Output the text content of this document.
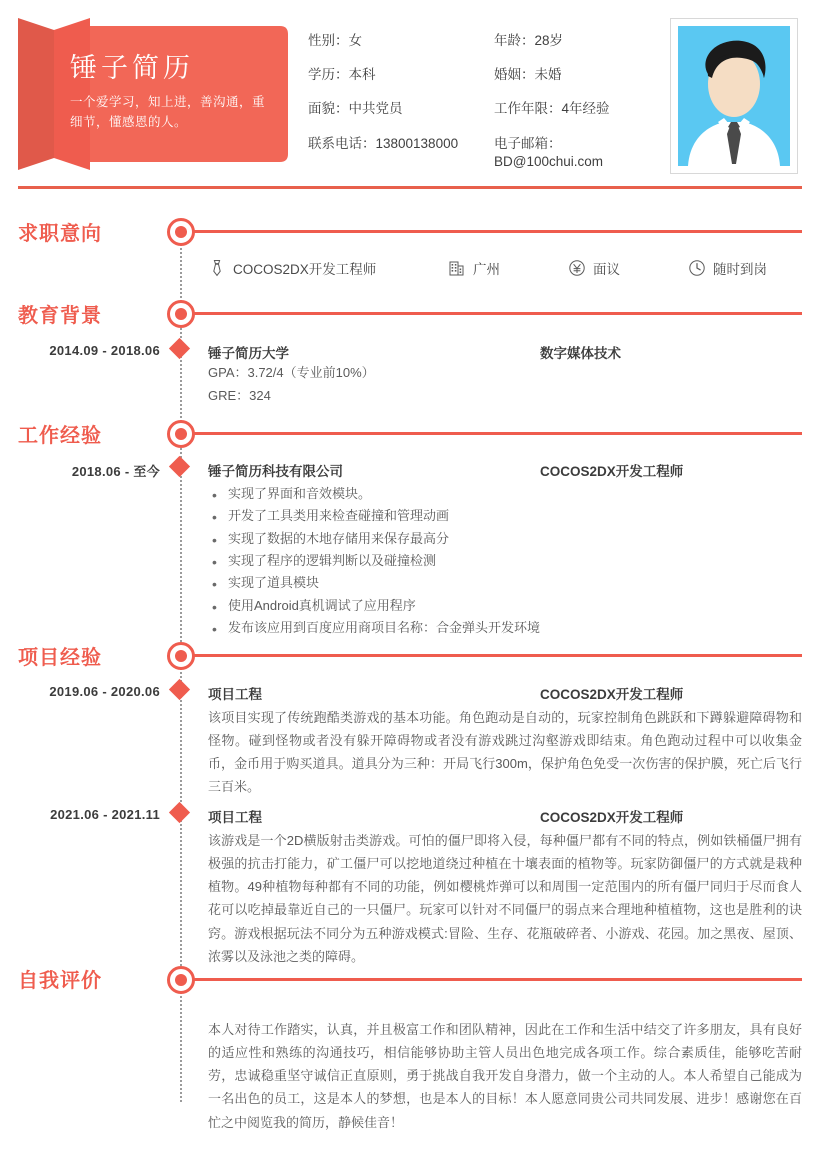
锤子简历
一个爱学习，知上进，善沟通，重细节，懂感恩的人。
性别：女	年龄：28岁
学历：本科	婚姻：未婚
面貌：中共党员	工作年限：4年经验
联系电话：13800138000	电子邮箱：BD@100chui.com
求职意向
COCOS2DX开发工程师	广州	面议	随时到岗
教育背景
2014.09 - 2018.06	锤子简历大学	数字媒体技术
GPA：3.72/4（专业前10%）
GRE：324
工作经验
2018.06 - 至今	锤子简历科技有限公司	COCOS2DX开发工程师
• 实现了界面和音效模块。
• 开发了工具类用来检查碰撞和管理动画
• 实现了数据的木地存储用来保存最高分
• 实现了程序的逻辑判断以及碰撞检测
• 实现了道具模块
• 使用Android真机调试了应用程序
• 发布该应用到百度应用商项目名称：合金弹头开发环境
项目经验
2019.06 - 2020.06	项目工程	COCOS2DX开发工程师
该项目实现了传统跑酷类游戏的基本功能。角色跑动是自动的，玩家控制角色跳跃和下蹲躲避障碍物和怪物。碰到怪物或者没有躲开障碍物或者没有游戏跳过沟壑游戏即结束。角色跑动过程中可以收集金币，金币用于购买道具。道具分为三种：开局飞行300m，保护角色免受一次伤害的保护膜，死亡后飞行三百米。
2021.06 - 2021.11	项目工程	COCOS2DX开发工程师
该游戏是一个2D横版射击类游戏。可怕的僵尸即将入侵，每种僵尸都有不同的特点，例如铁桶僵尸拥有极强的抗击打能力，矿工僵尸可以挖地道绕过种植在十壤表面的植物等。玩家防御僵尸的方式就是栽种植物。49种植物每种都有不同的功能，例如樱桃炸弹可以和周围一定范围内的所有僵尸同归于尽而食人花可以吃掉最靠近自己的一只僵尸。玩家可以针对不同僵尸的弱点来合理地种植植物，这也是胜利的诀窍。游戏根据玩法不同分为五种游戏模式:冒险、生存、花瓶破碎者、小游戏、花园。加之黑夜、屋顶、浓雾以及泳池之类的障碍。
自我评价
本人对待工作踏实，认真，并且极富工作和团队精神，因此在工作和生活中结交了许多朋友，具有良好的适应性和熟练的沟通技巧，相信能够协助主管人员出色地完成各项工作。综合素质佳，能够吃苦耐劳，忠诚稳重坚守诚信正直原则，勇于挑战自我开发自身潜力，做一个主动的人。本人希望自己能成为一名出色的员工，这是本人的梦想，也是本人的目标！本人愿意同贵公司共同发展、进步！感谢您在百忙之中阅览我的简历，静候佳音！
